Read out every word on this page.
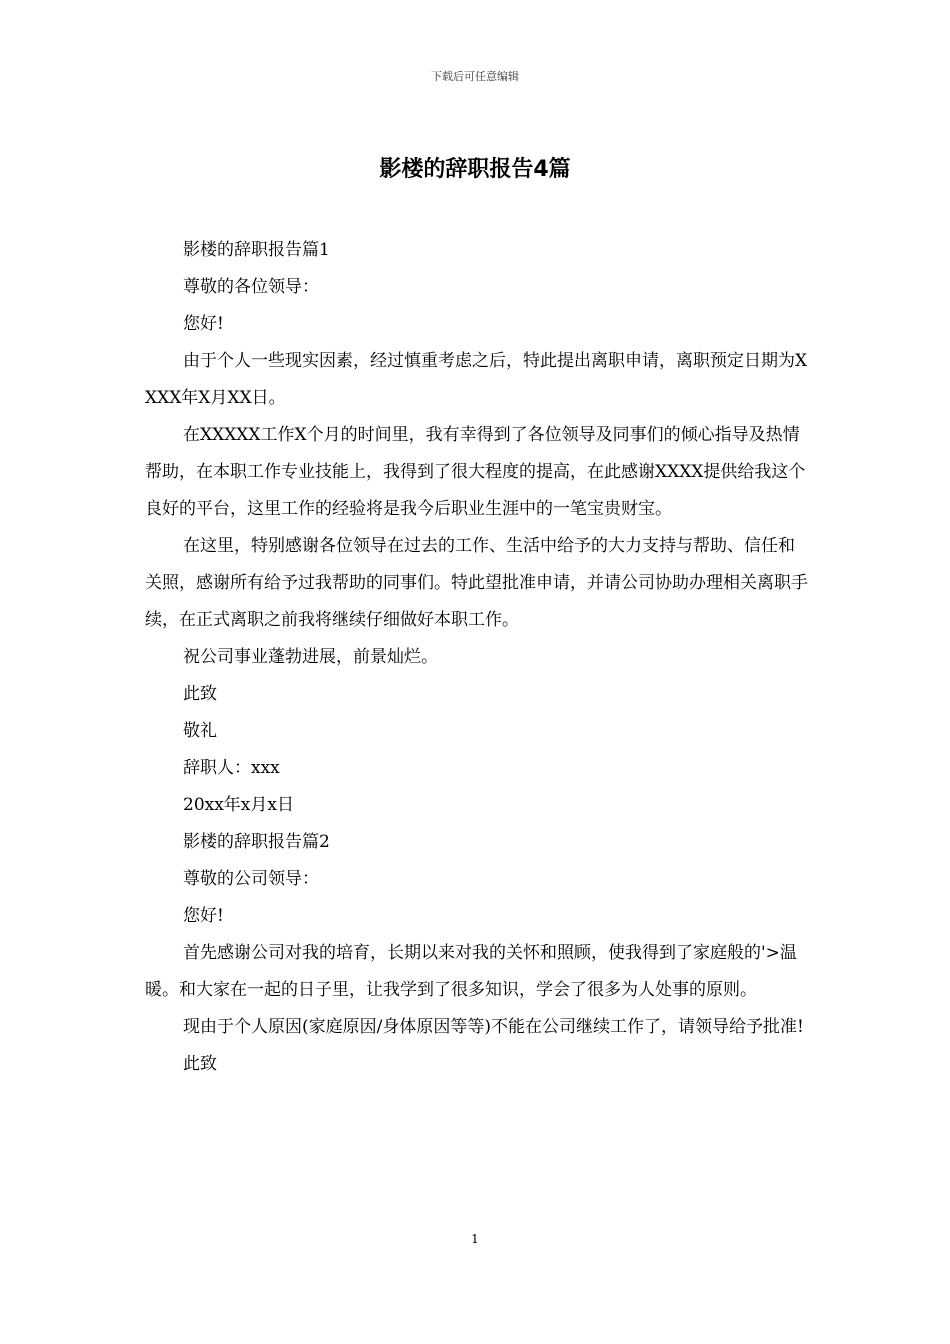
下载后可任意编辑
影楼的辞职报告4篇

影楼的辞职报告篇1

尊敬的各位领导：

您好!

由于个人一些现实因素，经过慎重考虑之后，特此提出离职申请，离职预定日期为XXXX年X月XX日。

在XXXXX工作X个月的时间里，我有幸得到了各位领导及同事们的倾心指导及热情帮助，在本职工作专业技能上，我得到了很大程度的提高，在此感谢XXXX提供给我这个良好的平台，这里工作的经验将是我今后职业生涯中的一笔宝贵财宝。

在这里，特别感谢各位领导在过去的工作、生活中给予的大力支持与帮助、信任和关照，感谢所有给予过我帮助的同事们。特此望批准申请，并请公司协助办理相关离职手续，在正式离职之前我将继续仔细做好本职工作。

祝公司事业蓬勃进展，前景灿烂。

此致

敬礼

辞职人：xxx

20xx年x月x日

影楼的辞职报告篇2

尊敬的公司领导：

您好!

首先感谢公司对我的培育，长期以来对我的关怀和照顾，使我得到了家庭般的'>温暖。和大家在一起的日子里，让我学到了很多知识，学会了很多为人处事的原则。

现由于个人原因(家庭原因/身体原因等等)不能在公司继续工作了，请领导给予批准!

此致

1
